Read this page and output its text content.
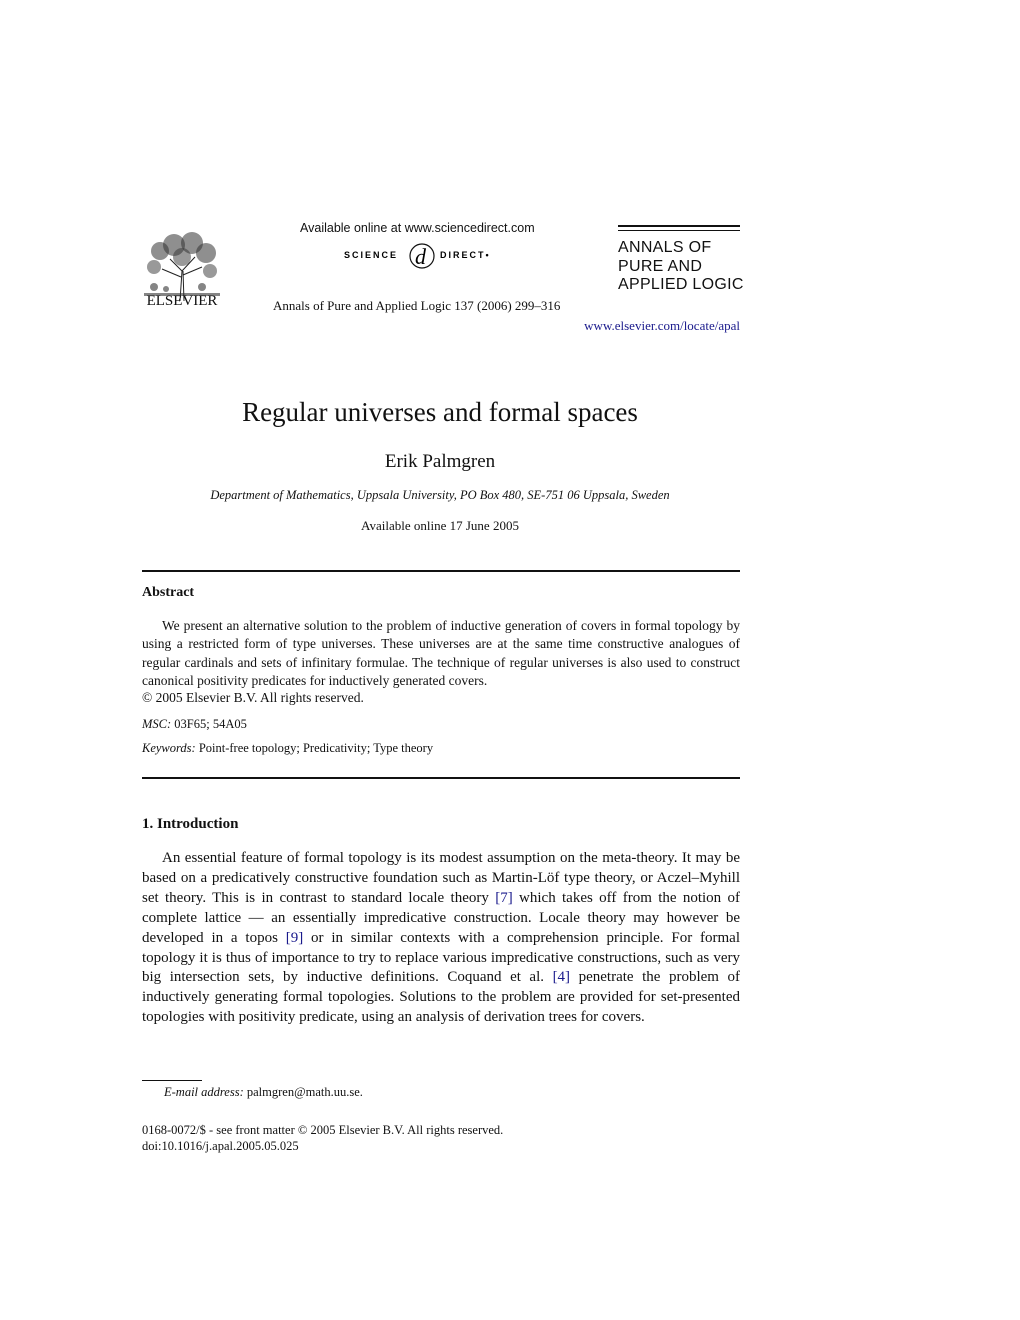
ELSEVIER
Available online at www.sciencedirect.com
SCIENCE d DIRECT•
Annals of Pure and Applied Logic 137 (2006) 299–316
ANNALS OF
PURE AND
APPLIED LOGIC
www.elsevier.com/locate/apal
Regular universes and formal spaces
Erik Palmgren
Department of Mathematics, Uppsala University, PO Box 480, SE-751 06 Uppsala, Sweden
Available online 17 June 2005
Abstract

We present an alternative solution to the problem of inductive generation of covers in formal topology by using a restricted form of type universes. These universes are at the same time constructive analogues of regular cardinals and sets of infinitary formulae. The technique of regular universes is also used to construct canonical positivity predicates for inductively generated covers.

© 2005 Elsevier B.V. All rights reserved.
MSC: 03F65; 54A05
Keywords: Point-free topology; Predicativity; Type theory
1. Introduction

An essential feature of formal topology is its modest assumption on the meta-theory. It may be based on a predicatively constructive foundation such as Martin-Löf type theory, or Aczel–Myhill set theory. This is in contrast to standard locale theory [7] which takes off from the notion of complete lattice — an essentially impredicative construction. Locale theory may however be developed in a topos [9] or in similar contexts with a comprehension principle. For formal topology it is thus of importance to try to replace various impredicative constructions, such as very big intersection sets, by inductive definitions. Coquand et al. [4] penetrate the problem of inductively generating formal topologies. Solutions to the problem are provided for set-presented topologies with positivity predicate, using an analysis of derivation trees for covers.

E-mail address: palmgren@math.uu.se.
0168-0072/$ - see front matter © 2005 Elsevier B.V. All rights reserved.
doi:10.1016/j.apal.2005.05.025
